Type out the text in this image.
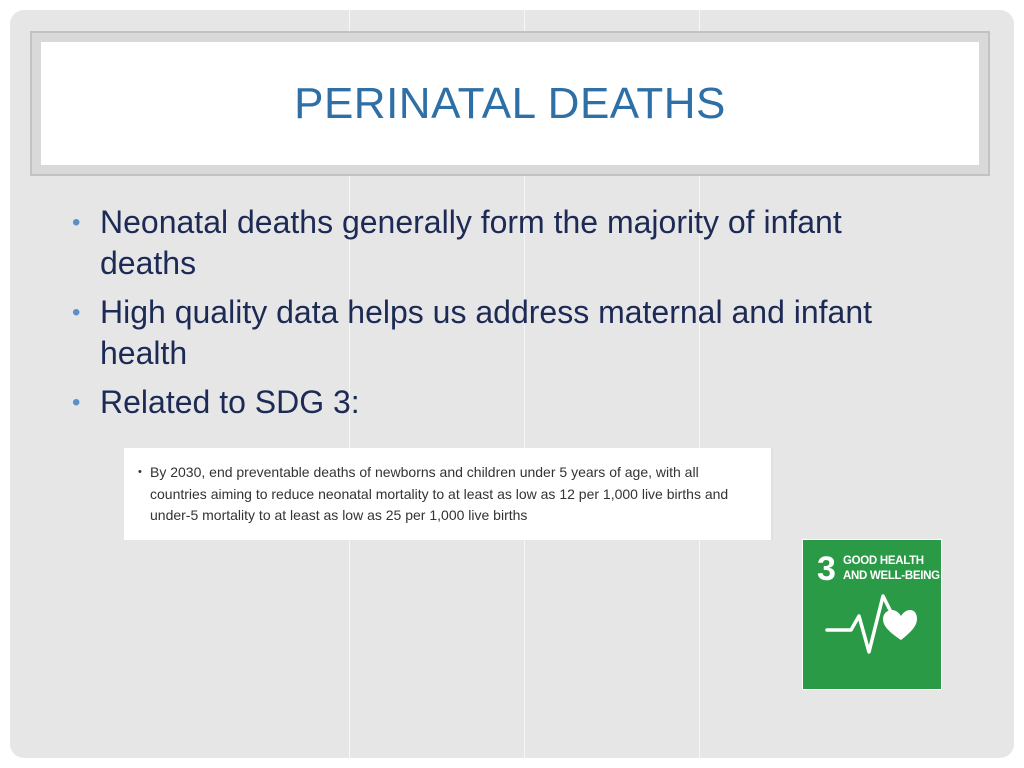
PERINATAL DEATHS
• Neonatal deaths generally form the majority of infant deaths
• High quality data helps us address maternal and infant health
• Related to SDG 3:
• By 2030, end preventable deaths of newborns and children under 5 years of age, with all countries aiming to reduce neonatal mortality to at least as low as 12 per 1,000 live births and under-5 mortality to at least as low as 25 per 1,000 live births
3 GOOD HEALTH
AND WELL-BEING
